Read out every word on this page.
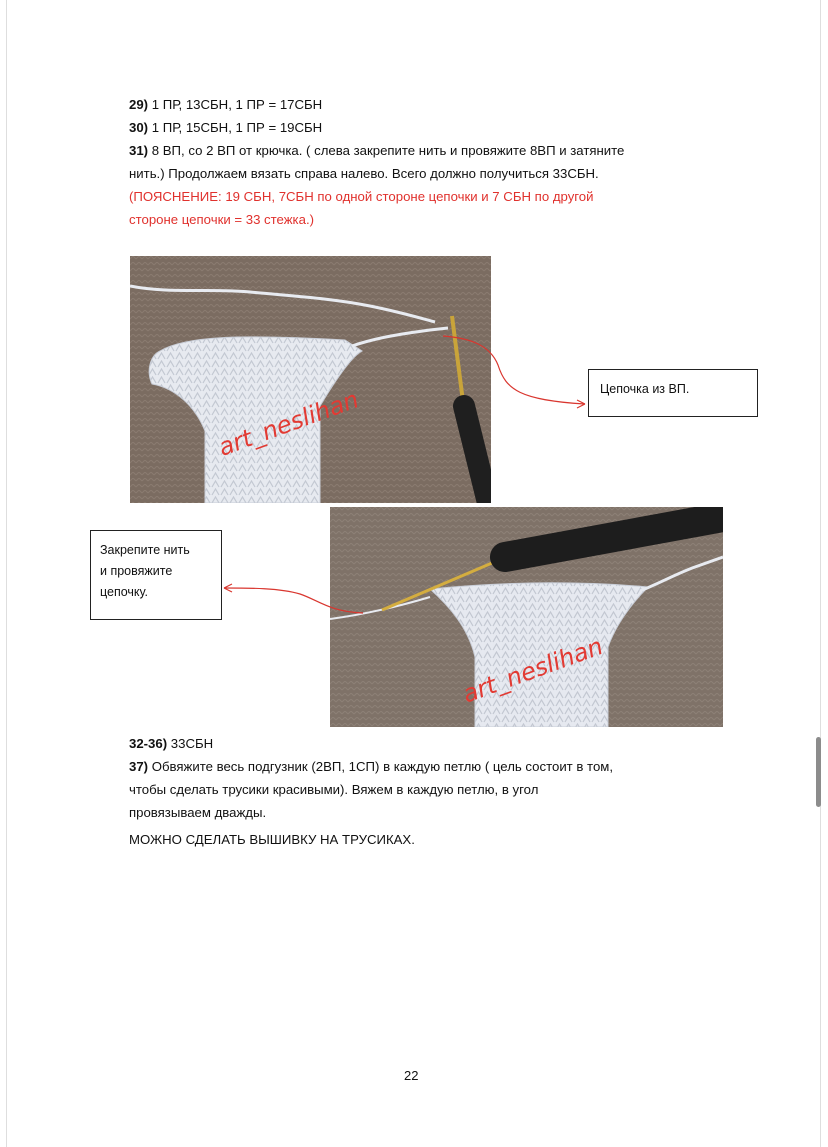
29) 1 ПР, 13СБН, 1 ПР = 17СБН
30) 1 ПР, 15СБН, 1 ПР = 19СБН
31) 8 ВП, со 2 ВП от крючка. ( слева закрепите нить и провяжите 8ВП и затяните
нить.) Продолжаем вязать справа налево. Всего должно получиться 33СБН.
(ПОЯСНЕНИЕ: 19 СБН, 7СБН по одной стороне цепочки и 7 СБН по другой
стороне цепочки = 33 стежка.)
art_neslihan
art_neslihan
Цепочка из ВП.
Закрепите нить
и провяжите
цепочку.
32-36) 33СБН
37) Обвяжите весь подгузник (2ВП, 1СП) в каждую петлю ( цель состоит в том,
чтобы сделать трусики красивыми). Вяжем в каждую петлю, в угол
провязываем дважды.
МОЖНО СДЕЛАТЬ ВЫШИВКУ НА ТРУСИКАХ.
22
